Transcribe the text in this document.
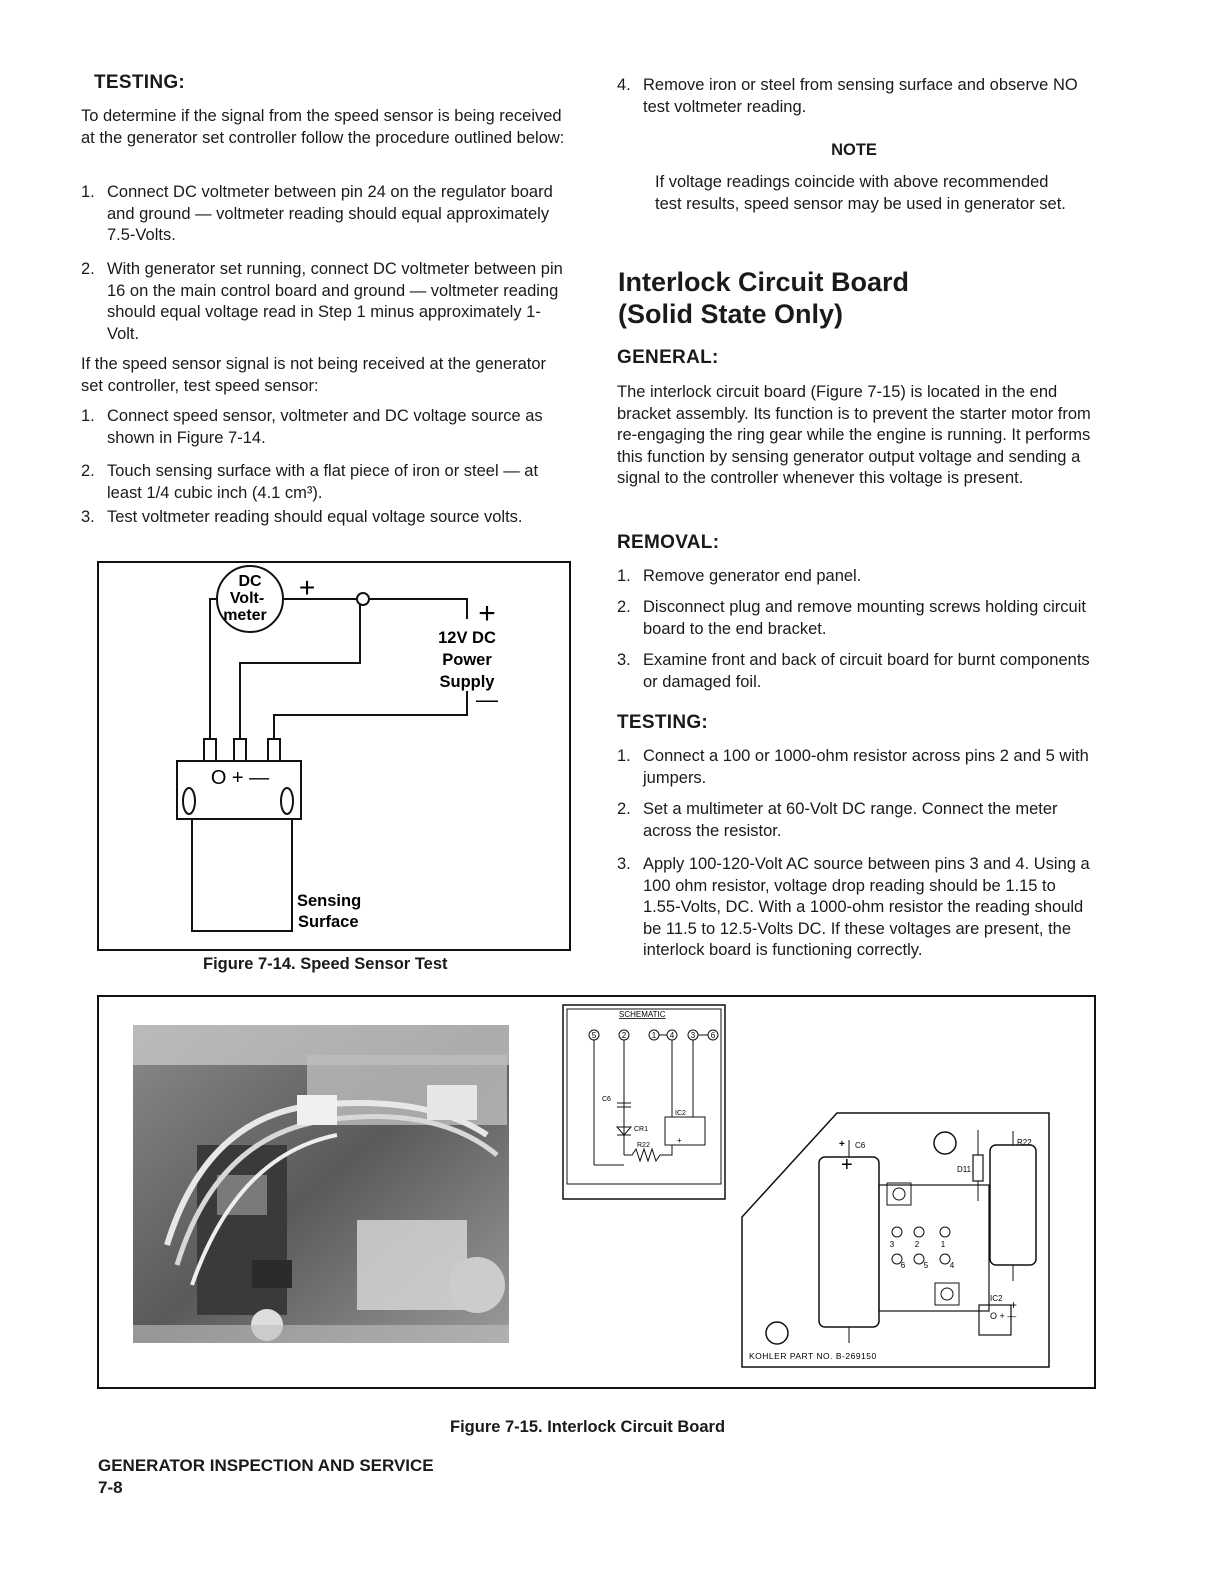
TESTING:

To determine if the signal from the speed sensor is being received at the generator set controller follow the procedure outlined below:

1. Connect DC voltmeter between pin 24 on the regulator board and ground — voltmeter reading should equal approximately 7.5-Volts.
2. With generator set running, connect DC voltmeter between pin 16 on the main control board and ground — voltmeter reading should equal voltage read in Step 1 minus approximately 1-Volt.

If the speed sensor signal is not being received at the generator set controller, test speed sensor:

1. Connect speed sensor, voltmeter and DC voltage source as shown in Figure 7-14.
2. Touch sensing surface with a flat piece of iron or steel — at least 1/4 cubic inch (4.1 cm³).
3. Test voltmeter reading should equal voltage source volts.
DC
Volt-
meter
+
+
12V DC
Power
Supply
—
O + —
Sensing
Surface
Figure 7-14. Speed Sensor Test
4. Remove iron or steel from sensing surface and observe NO test voltmeter reading.

NOTE

If voltage readings coincide with above recommended test results, speed sensor may be used in generator set.

Interlock Circuit Board
(Solid State Only)
GENERAL:

The interlock circuit board (Figure 7-15) is located in the end bracket assembly. Its function is to prevent the starter motor from re-engaging the ring gear while the engine is running. It performs this function by sensing generator output voltage and sending a signal to the controller whenever this voltage is present.

REMOVAL:
1. Remove generator end panel.
2. Disconnect plug and remove mounting screws holding circuit board to the end bracket.
3. Examine front and back of circuit board for burnt components or damaged foil.
TESTING:
1. Connect a 100 or 1000-ohm resistor across pins 2 and 5 with jumpers.
2. Set a multimeter at 60-Volt DC range. Connect the meter across the resistor.
3. Apply 100-120-Volt AC source between pins 3 and 4. Using a 100 ohm resistor, voltage drop reading should be 1.15 to 1.55-Volts, DC. With a 1000-ohm resistor the reading should be 11.5 to 12.5-Volts DC. If these voltages are present, the interlock board is functioning correctly.
SCHEMATIC
5	2	1 4 3 6
C6
CR1
IC2
R22
+
+
+ C6	R22
D11
3	2	1
6 5	4
IC2 +
O + —
KOHLER PART NO. B-269150
Figure 7-15. Interlock Circuit Board
GENERATOR INSPECTION AND SERVICE
7-8
